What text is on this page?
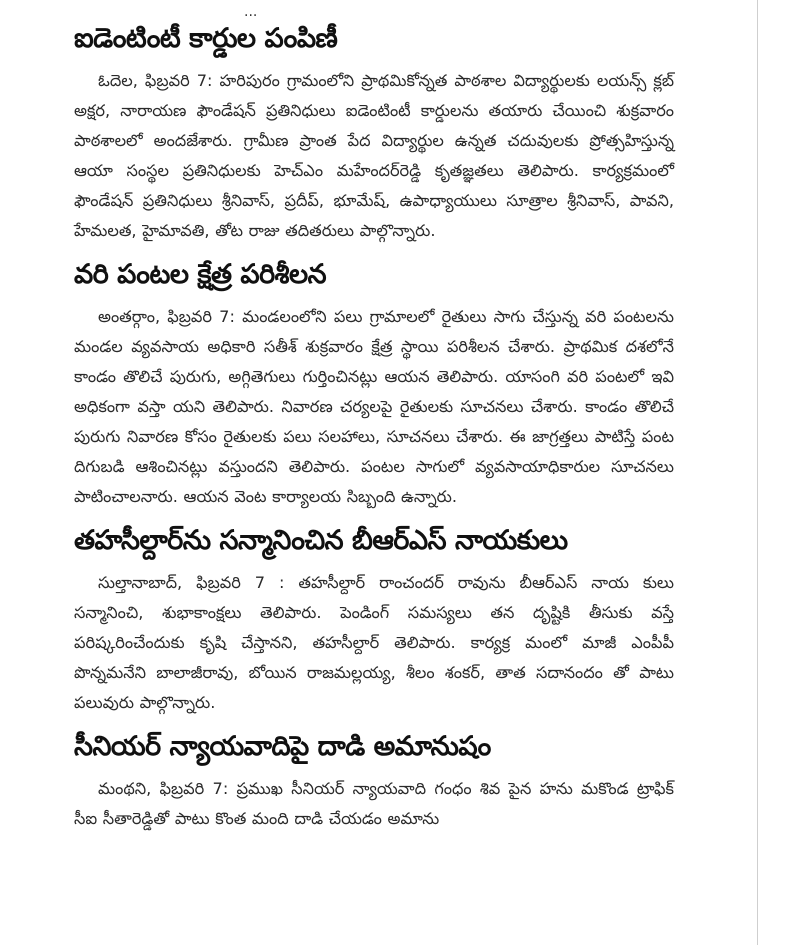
...
ఐడెంటింటీ కార్డుల పంపిణీ

ఓదెల, ఫిబ్రవరి 7: హరిపురం గ్రామంలోని ప్రాథమికోన్నత పాఠశాల విద్యార్థులకు లయన్స్ క్లబ్ అక్షర, నారాయణ ఫౌండేషన్ ప్రతినిధులు ఐడెంటింటీ కార్డులను తయారు చేయించి శుక్రవారం పాఠశాలలో అందజేశారు. గ్రామీణ ప్రాంత పేద విద్యార్థుల ఉన్నత చదువులకు ప్రోత్సహిస్తున్న ఆయా సంస్థల ప్రతినిధులకు హెచ్ఎం మహేందర్‌రెడ్డి కృతజ్ఞతలు తెలిపారు. కార్యక్రమంలో ఫౌండేషన్ ప్రతినిధులు శ్రీనివాస్, ప్రదీప్, భూమేష్, ఉపాధ్యాయులు సూత్రాల శ్రీనివాస్, పావని, హేమలత, హైమావతి, తోట రాజు తదితరులు పాల్గొన్నారు.

వరి పంటల క్షేత్ర పరిశీలన

అంతర్గాం, ఫిబ్రవరి 7: మండలంలోని పలు గ్రామాలలో రైతులు సాగు చేస్తున్న వరి పంటలను మండల వ్యవసాయ అధికారి సతీశ్ శుక్రవారం క్షేత్ర స్థాయి పరిశీలన చేశారు. ప్రాథమిక దశలోనే కాండం తొలిచే పురుగు, అగ్గితెగులు గుర్తించినట్లు ఆయన తెలిపారు. యాసంగి వరి పంటలో ఇవి అధికంగా వస్తా యని తెలిపారు. నివారణ చర్యలపై రైతులకు సూచనలు చేశారు. కాండం తొలిచే పురుగు నివారణ కోసం రైతులకు పలు సలహాలు, సూచనలు చేశారు. ఈ జాగ్రత్తలు పాటిస్తే పంట దిగుబడి ఆశించినట్లు వస్తుందని తెలిపారు. పంటల సాగులో వ్యవసాయాధికారుల సూచనలు పాటించాలనారు. ఆయన వెంట కార్యాలయ సిబ్బంది ఉన్నారు.

తహసీల్దార్‌ను సన్మానించిన బీఆర్ఎస్ నాయకులు

సుల్తానాబాద్, ఫిబ్రవరి 7 : తహసీల్దార్ రాంచందర్ రావును బీఆర్ఎస్ నాయ కులు సన్మానించి, శుభాకాంక్షలు తెలిపారు. పెండింగ్ సమస్యలు తన దృష్టికి తీసుకు వస్తే పరిష్కరించేందుకు కృషి చేస్తానని, తహసీల్దార్ తెలిపారు. కార్యక్ర మంలో మాజీ ఎంపీపీ పొన్నమనేని బాలాజీరావు, బోయిన రాజమల్లయ్య, శీలం శంకర్, తాత సదానందం తో పాటు పలువురు పాల్గొన్నారు.

సీనియర్ న్యాయవాదిపై దాడి అమానుషం

మంథని, ఫిబ్రవరి 7: ప్రముఖ సీనియర్ న్యాయవాది గంధం శివ పైన హను మకొండ ట్రాఫిక్ సీఐ సీతారెడ్డితో పాటు కొంత మంది దాడి చేయడం అమాను
